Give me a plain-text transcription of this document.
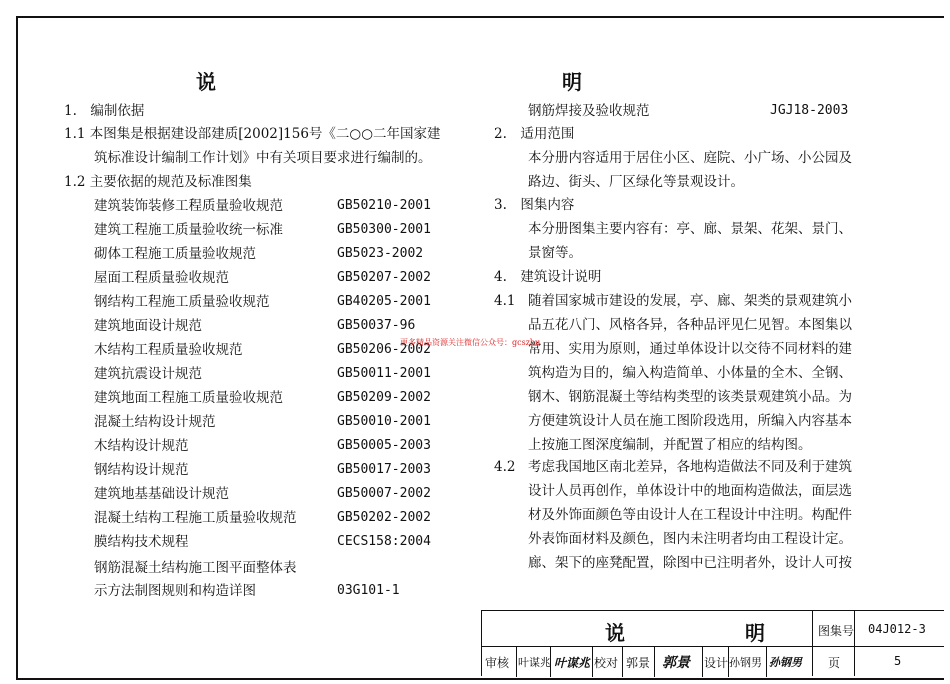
说　　明
1.　编制依据
1.1 本图集是根据建设部建质[2002]156号《二○○二年国家建
筑标准设计编制工作计划》中有关项目要求进行编制的。
1.2 主要依据的规范及标准图集
建筑装饰装修工程质量验收规范	GB50210-2001
建筑工程施工质量验收统一标准	GB50300-2001
砌体工程施工质量验收规范	GB5023-2002
屋面工程质量验收规范	GB50207-2002
钢结构工程施工质量验收规范	GB40205-2001
建筑地面设计规范	GB50037-96
木结构工程质量验收规范	GB50206-2002
建筑抗震设计规范	GB50011-2001
建筑地面工程施工质量验收规范	GB50209-2002
混凝土结构设计规范	GB50010-2001
木结构设计规范	GB50005-2003
钢结构设计规范	GB50017-2003
建筑地基基础设计规范	GB50007-2002
混凝土结构工程施工质量验收规范	GB50202-2002
膜结构技术规程	CECS158:2004
钢筋混凝土结构施工图平面整体表
示方法制图规则和构造详图	03G101-1
钢筋焊接及验收规范	JGJ18-2003
2.　适用范围
本分册内容适用于居住小区、庭院、小广场、小公园及
路边、街头、厂区绿化等景观设计。
3.　图集内容
本分册图集主要内容有：亭、廊、景架、花架、景门、
景窗等。
4.　建筑设计说明
4.1 随着国家城市建设的发展，亭、廊、架类的景观建筑小
品五花八门、风格各异，各种品评见仁见智。本图集以
常用、实用为原则，通过单体设计以交待不同材料的建
筑构造为目的，编入构造简单、小体量的全木、全钢、
钢木、钢筋混凝土等结构类型的该类景观建筑小品。为
方便建筑设计人员在施工图阶段选用，所编入内容基本
上按施工图深度编制，并配置了相应的结构图。
4.2 考虑我国地区南北差异，各地构造做法不同及利于建筑
设计人员再创作，单体设计中的地面构造做法，面层选
材及外饰面颜色等由设计人在工程设计中注明。构配件
外表饰面材料及颜色，图内未注明者均由工程设计定。
廊、架下的座凳配置，除图中已注明者外，设计人可按
更多精品资源关注微信公众号：gcszhu
说　明 图集号 04J012-3
审核 叶谋兆 叶谋兆 校对 郭景 郭景 设计 孙钢男 孙钢男 页	5
